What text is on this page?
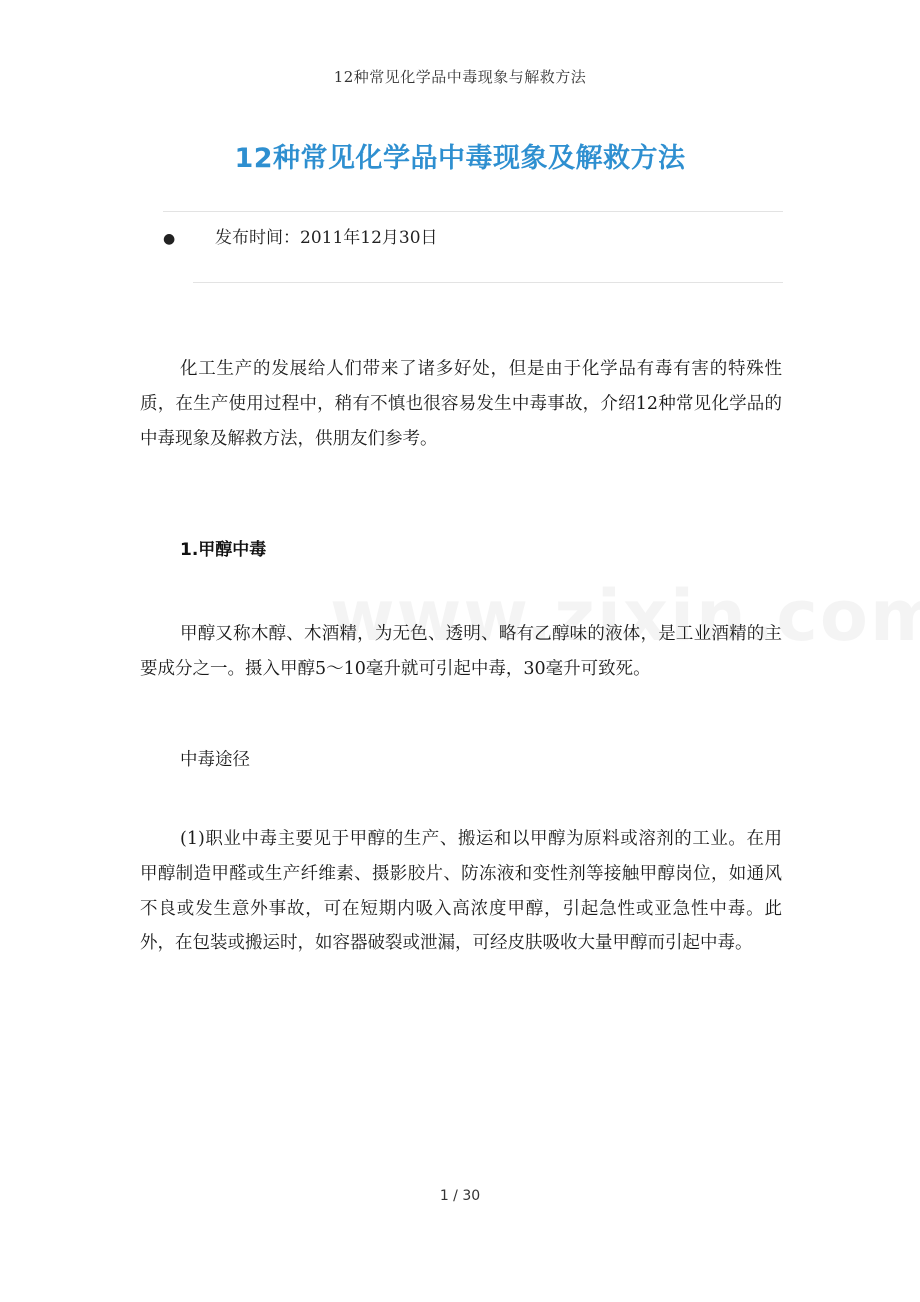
12种常见化学品中毒现象与解救方法
12种常见化学品中毒现象及解救方法
● 发布时间：2011年12月30日

化工生产的发展给人们带来了诸多好处，但是由于化学品有毒有害的特殊性质，在生产使用过程中，稍有不慎也很容易发生中毒事故，介绍12种常见化学品的中毒现象及解救方法，供朋友们参考。

1.甲醇中毒

甲醇又称木醇、木酒精，为无色、透明、略有乙醇味的液体，是工业酒精的主要成分之一。摄入甲醇5～10毫升就可引起中毒，30毫升可致死。

中毒途径

(1)职业中毒主要见于甲醇的生产、搬运和以甲醇为原料或溶剂的工业。在用甲醇制造甲醛或生产纤维素、摄影胶片、防冻液和变性剂等接触甲醇岗位，如通风不良或发生意外事故，可在短期内吸入高浓度甲醇，引起急性或亚急性中毒。此外，在包装或搬运时，如容器破裂或泄漏，可经皮肤吸收大量甲醇而引起中毒。

1 / 30
